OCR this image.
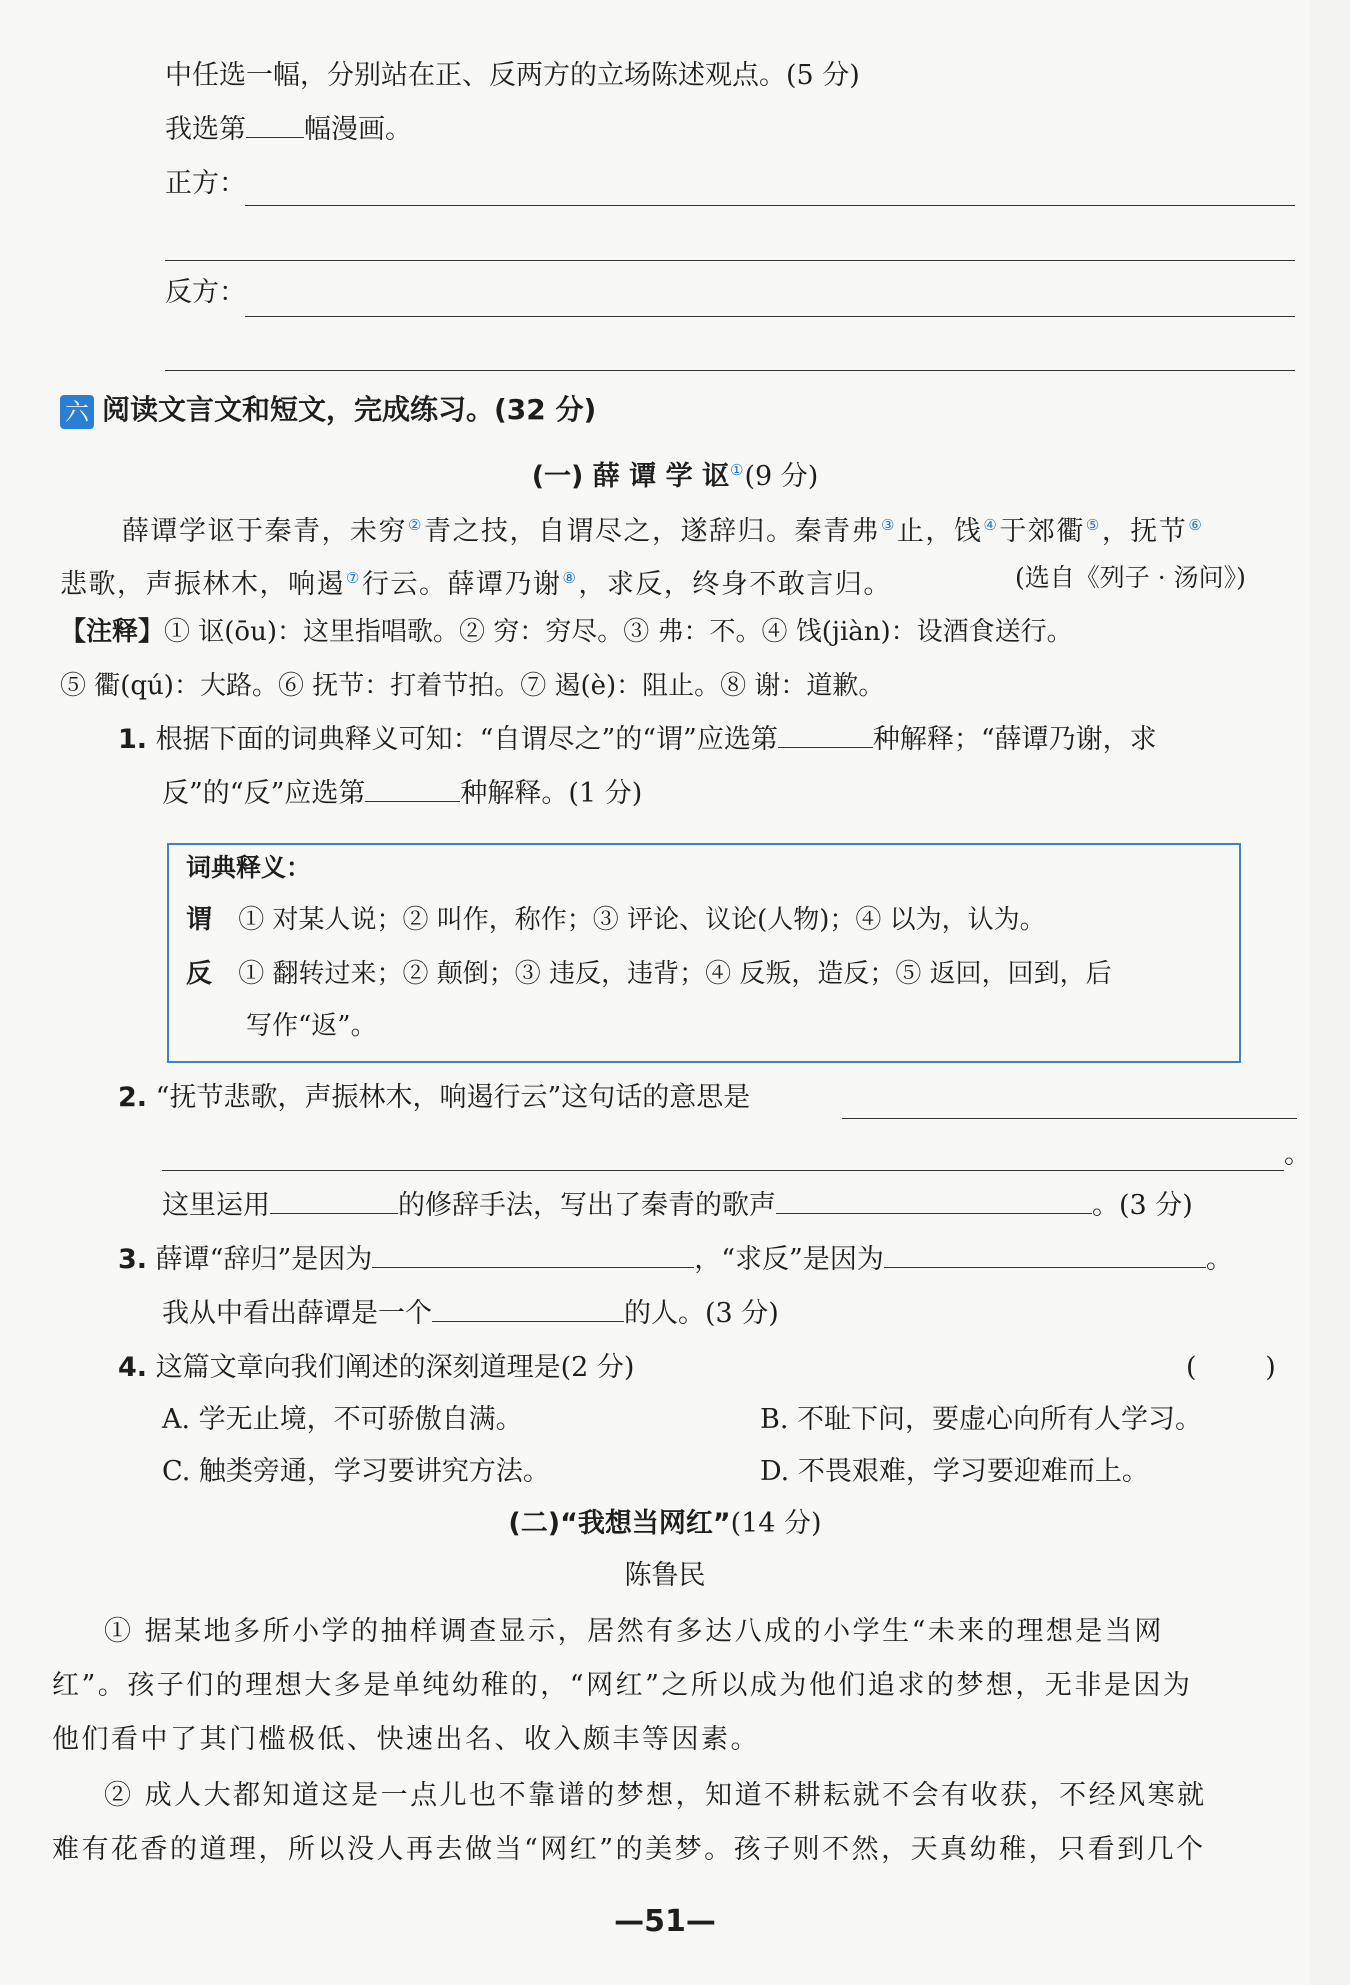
中任选一幅，分别站在正、反两方的立场陈述观点。(5 分)
我选第 幅漫画。
正方：
反方：
六 阅读文言文和短文，完成练习。(32 分)
(一) 薛 谭 学 讴①(9 分)
薛谭学讴于秦青，未穷②青之技，自谓尽之，遂辞归。秦青弗③止，饯④于郊衢⑤，抚节⑥
悲歌，声振林木，响遏⑦行云。薛谭乃谢⑧，求反，终身不敢言归。	(选自《列子 · 汤问》)
【注释】① 讴(ōu)：这里指唱歌。② 穷：穷尽。③ 弗：不。④ 饯(jiàn)：设酒食送行。
⑤ 衢(qú)：大路。⑥ 抚节：打着节拍。⑦ 遏(è)：阻止。⑧ 谢：道歉。
1. 根据下面的词典释义可知：“自谓尽之”的“谓”应选第	种解释；“薛谭乃谢，求
反”的“反”应选第	种解释。(1 分)
词典释义：
谓 ① 对某人说；② 叫作，称作；③ 评论、议论(人物)；④ 以为，认为。
反 ① 翻转过来；② 颠倒；③ 违反，违背；④ 反叛，造反；⑤ 返回，回到，后
写作“返”。
2. “抚节悲歌，声振林木，响遏行云”这句话的意思是
。
这里运用	的修辞手法，写出了秦青的歌声	。(3 分)
3. 薛谭“辞归”是因为	，“求反”是因为	。
我从中看出薛谭是一个	的人。(3 分)
4. 这篇文章向我们阐述的深刻道理是(2 分)	(        )
A. 学无止境，不可骄傲自满。	B. 不耻下问，要虚心向所有人学习。
C. 触类旁通，学习要讲究方法。	D. 不畏艰难，学习要迎难而上。
(二)“我想当网红”(14 分)
陈鲁民
① 据某地多所小学的抽样调查显示，居然有多达八成的小学生“未来的理想是当网
红”。孩子们的理想大多是单纯幼稚的，“网红”之所以成为他们追求的梦想，无非是因为
他们看中了其门槛极低、快速出名、收入颇丰等因素。
② 成人大都知道这是一点儿也不靠谱的梦想，知道不耕耘就不会有收获，不经风寒就
难有花香的道理，所以没人再去做当“网红”的美梦。孩子则不然，天真幼稚，只看到几个
—51—
